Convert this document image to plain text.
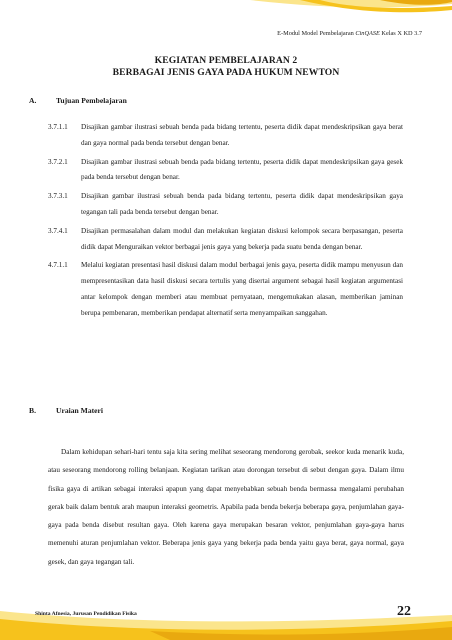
E-Modul Model Pembelajaran CinQASE Kelas X KD 3.7
KEGIATAN PEMBELAJARAN 2
BERBAGAI JENIS GAYA PADA HUKUM NEWTON
A.	Tujuan Pembelajaran
3.7.1.1	Disajikan gambar ilustrasi sebuah benda pada bidang tertentu, peserta didik dapat mendeskripsikan gaya berat dan gaya normal pada benda tersebut dengan benar.
3.7.2.1	Disajikan gambar ilustrasi sebuah benda pada bidang tertentu, peserta didik dapat mendeskripsikan gaya gesek pada benda tersebut dengan benar.
3.7.3.1	Disajikan gambar ilustrasi sebuah benda pada bidang tertentu, peserta didik dapat mendeskripsikan gaya tegangan tali pada benda tersebut dengan benar.
3.7.4.1	Disajikan permasalahan dalam modul dan melakukan kegiatan diskusi kelompok secara berpasangan, peserta didik dapat Menguraikan vektor berbagai jenis gaya yang bekerja pada suatu benda dengan benar.
4.7.1.1	Melalui kegiatan presentasi hasil diskusi dalam modul berbagai jenis gaya, peserta didik mampu menyusun dan mempresentasikan data hasil diskusi secara tertulis yang disertai argument sebagai hasil kegiatan argumentasi antar kelompok dengan memberi atau membuat pernyataan, mengemukakan alasan, memberikan jaminan berupa pembenaran, memberikan pendapat alternatif serta menyampaikan sanggahan.
B.	Uraian Materi
Dalam kehidupan sehari-hari tentu saja kita sering melihat seseorang mendorong gerobak, seekor kuda menarik kuda, atau seseorang mendorong rolling belanjaan. Kegiatan tarikan atau dorongan tersebut di sebut dengan gaya. Dalam ilmu fisika gaya di artikan sebagai interaksi apapun yang dapat menyebabkan sebuah benda bermassa mengalami perubahan gerak baik dalam bentuk arah maupun interaksi geometris. Apabila pada benda bekerja beberapa gaya, penjumlahan gaya-gaya pada benda disebut resultan gaya. Oleh karena gaya merupakan besaran vektor, penjumlahan gaya-gaya harus memenuhi aturan penjumlahan vektor. Beberapa jenis gaya yang bekerja pada benda yaitu gaya berat, gaya normal, gaya gesek, dan gaya tegangan tali.
Shinta Afnesia, Jurusan Pendidikan Fisika	22
